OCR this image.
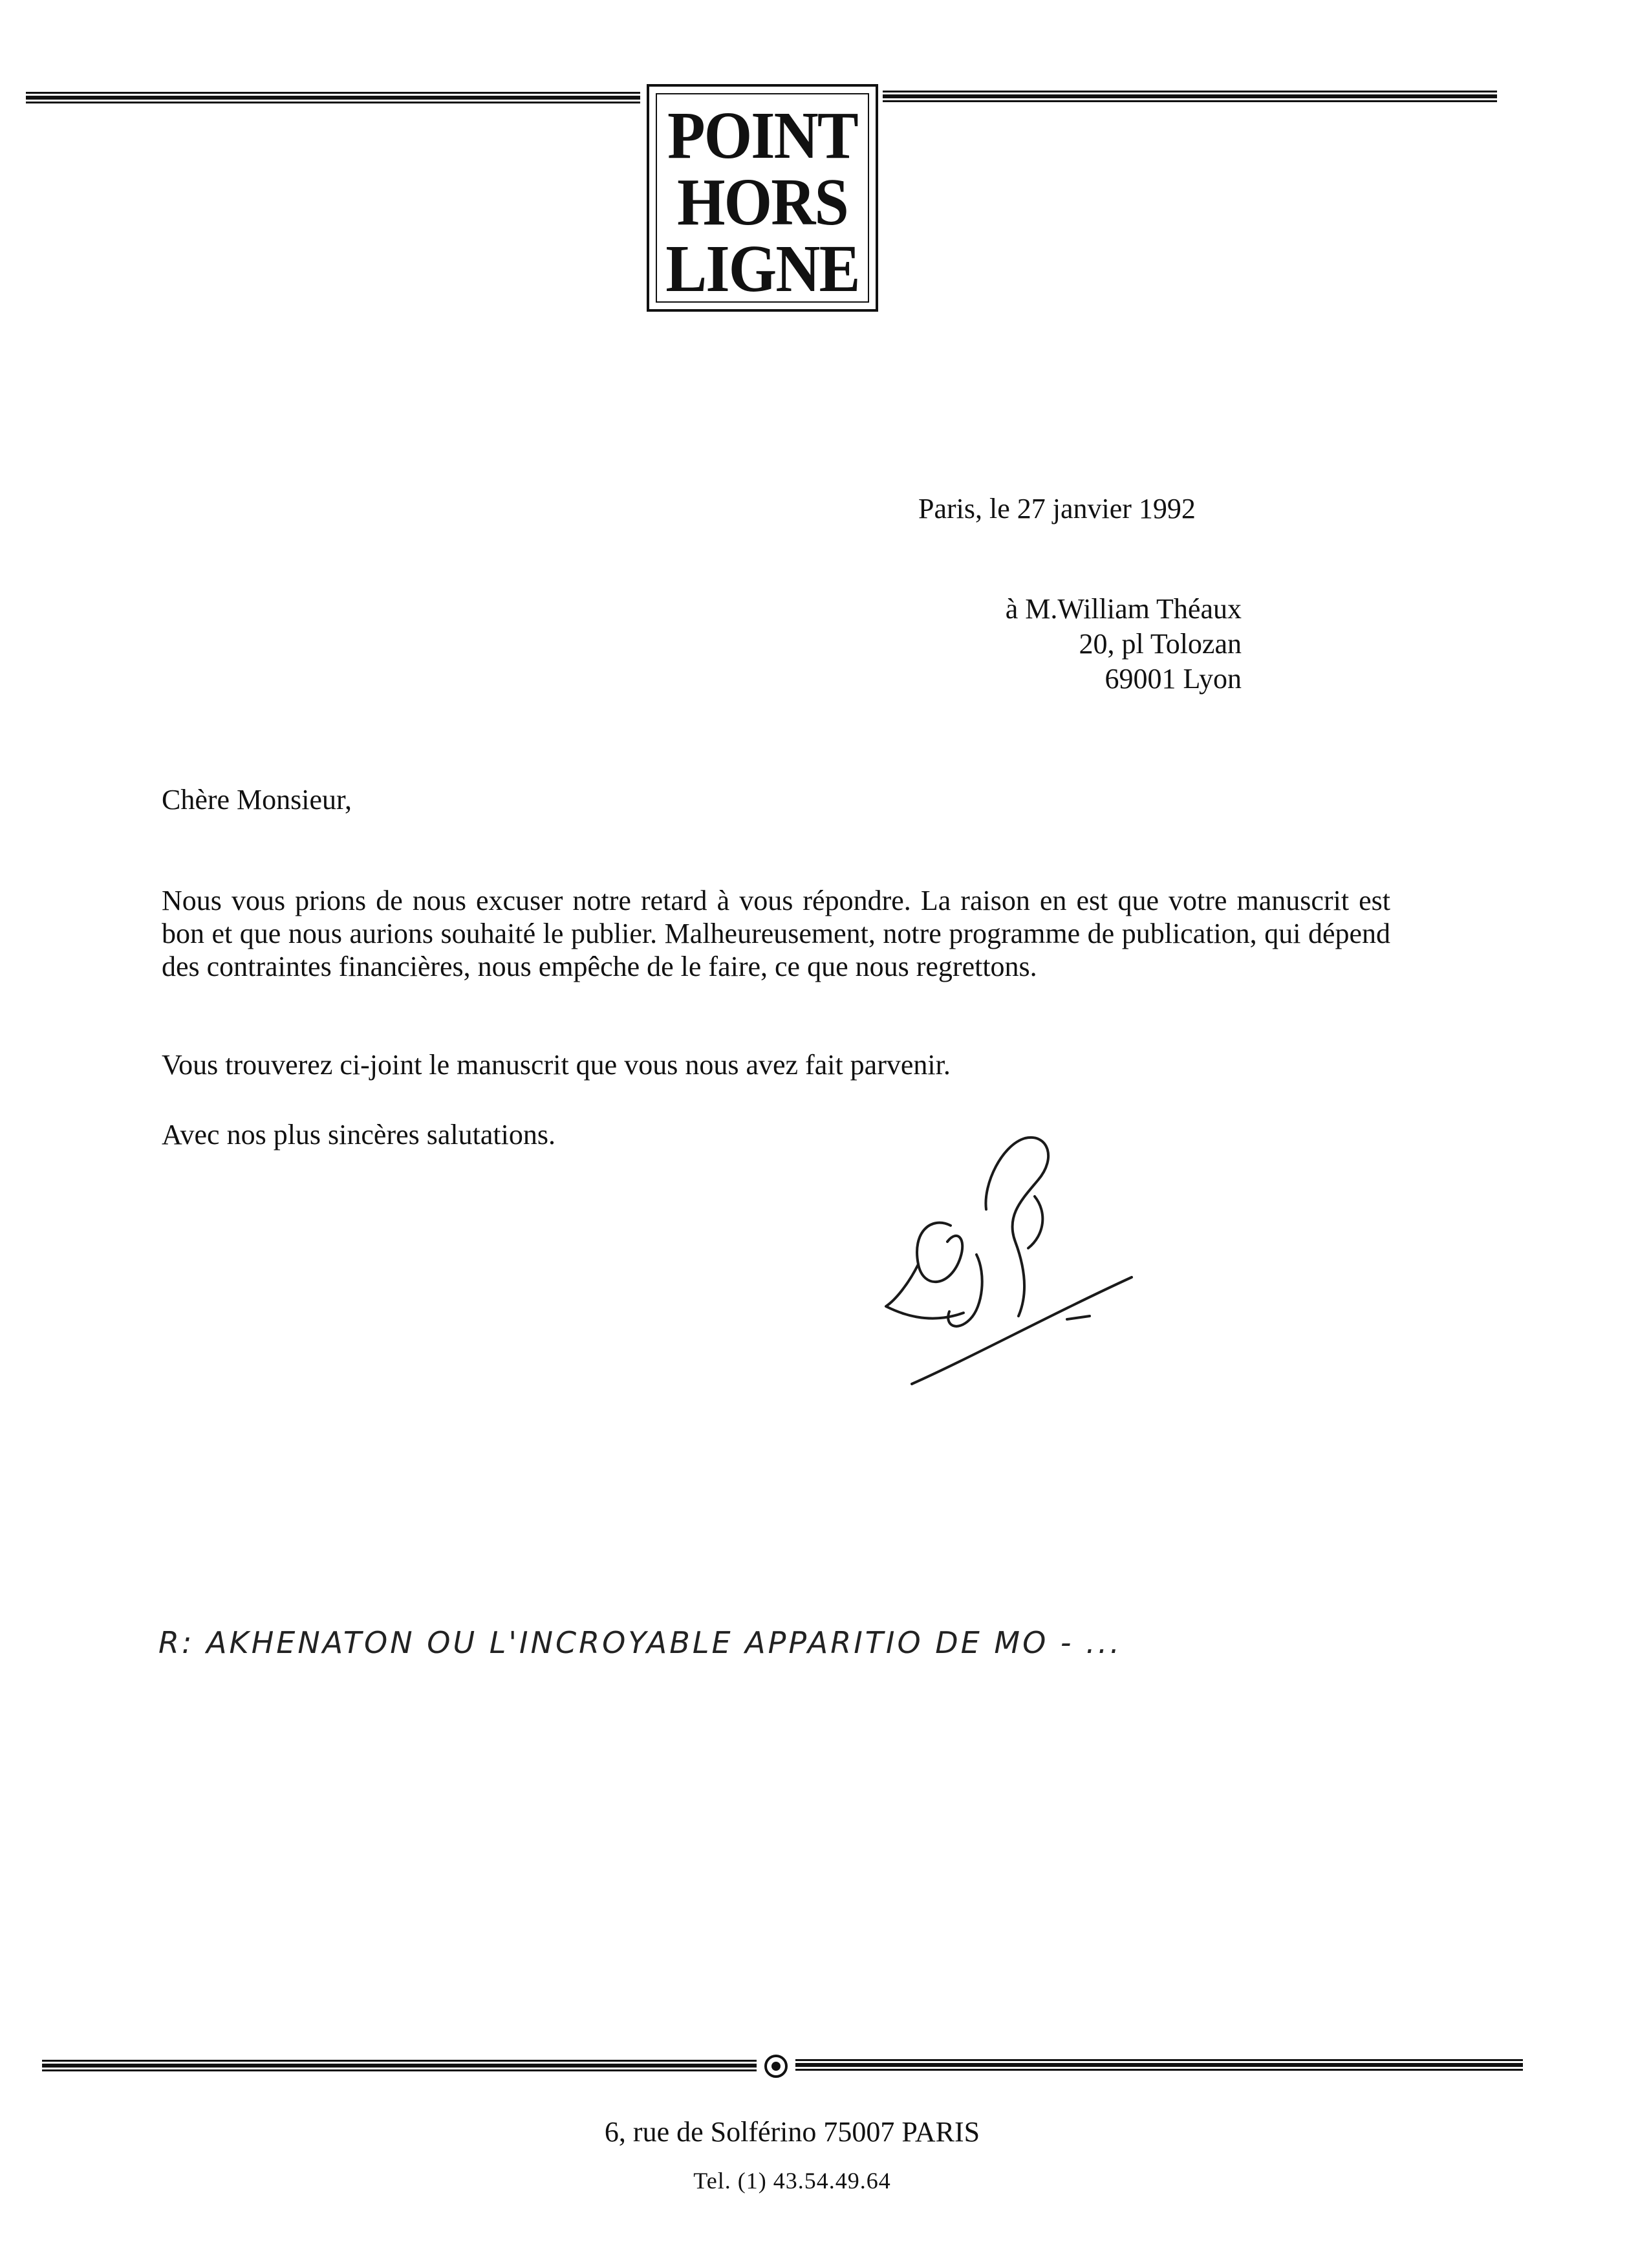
POINT
HORS
LIGNE
Paris, le 27 janvier 1992
à M.William Théaux
20, pl Tolozan
69001 Lyon
Chère Monsieur,
Nous vous prions de nous excuser notre retard à vous répondre. La raison en est que votre manuscrit est bon et que nous aurions souhaité le publier. Malheureusement, notre programme de publication, qui dépend des contraintes financières, nous empêche de le faire, ce que nous regrettons.
Vous trouverez ci-joint le manuscrit que vous nous avez fait parvenir.
Avec nos plus sincères salutations.
R: AKHENATON OU L'INCROYABLE APPARITIO DE MO - ...
6, rue de Solférino 75007 PARIS
Tel. (1) 43.54.49.64
